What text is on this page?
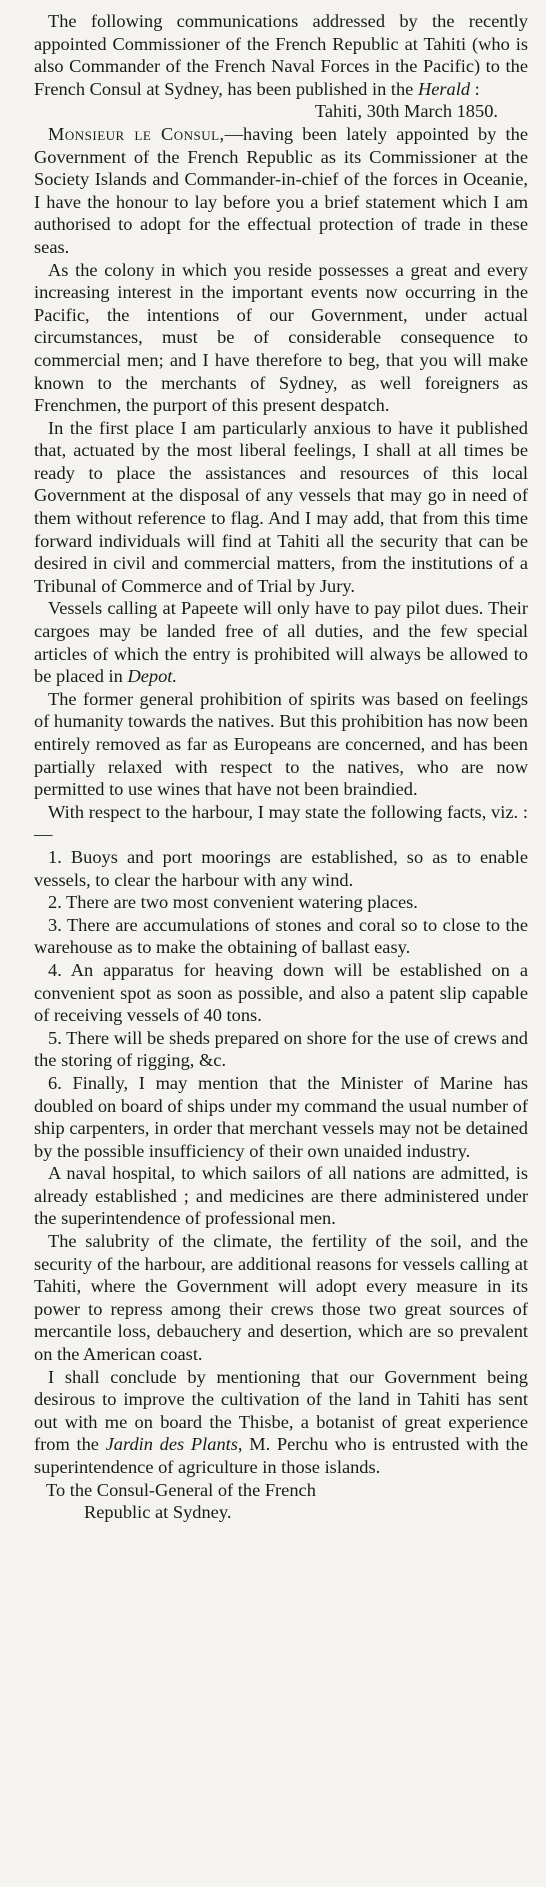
The following communications addressed by the recently appointed Commissioner of the French Republic at Tahiti (who is also Commander of the French Naval Forces in the Pacific) to the French Consul at Sydney, has been published in the Herald :

Tahiti, 30th March 1850.

Monsieur le Consul,—having been lately appointed by the Government of the French Republic as its Commissioner at the Society Islands and Commander-in-chief of the forces in Oceanie, I have the honour to lay before you a brief statement which I am authorised to adopt for the effectual protection of trade in these seas.

As the colony in which you reside possesses a great and every increasing interest in the important events now occurring in the Pacific, the intentions of our Government, under actual circumstances, must be of considerable consequence to commercial men; and I have therefore to beg, that you will make known to the merchants of Sydney, as well foreigners as Frenchmen, the purport of this present despatch.

In the first place I am particularly anxious to have it published that, actuated by the most liberal feelings, I shall at all times be ready to place the assistances and resources of this local Government at the disposal of any vessels that may go in need of them without reference to flag. And I may add, that from this time forward individuals will find at Tahiti all the security that can be desired in civil and commercial matters, from the institutions of a Tribunal of Commerce and of Trial by Jury.

Vessels calling at Papeete will only have to pay pilot dues. Their cargoes may be landed free of all duties, and the few special articles of which the entry is prohibited will always be allowed to be placed in Depot.

The former general prohibition of spirits was based on feelings of humanity towards the natives. But this prohibition has now been entirely removed as far as Europeans are concerned, and has been partially relaxed with respect to the natives, who are now permitted to use wines that have not been braindied.

With respect to the harbour, I may state the following facts, viz. :—

1. Buoys and port moorings are established, so as to enable vessels, to clear the harbour with any wind.

2. There are two most convenient watering places.

3. There are accumulations of stones and coral so to close to the warehouse as to make the obtaining of ballast easy.

4. An apparatus for heaving down will be established on a convenient spot as soon as possible, and also a patent slip capable of receiving vessels of 40 tons.

5. There will be sheds prepared on shore for the use of crews and the storing of rigging, &c.

6. Finally, I may mention that the Minister of Marine has doubled on board of ships under my command the usual number of ship carpenters, in order that merchant vessels may not be detained by the possible insufficiency of their own unaided industry.

A naval hospital, to which sailors of all nations are admitted, is already established ; and medicines are there administered under the superintendence of professional men.

The salubrity of the climate, the fertility of the soil, and the security of the harbour, are additional reasons for vessels calling at Tahiti, where the Government will adopt every measure in its power to repress among their crews those two great sources of mercantile loss, debauchery and desertion, which are so prevalent on the American coast.

I shall conclude by mentioning that our Government being desirous to improve the cultivation of the land in Tahiti has sent out with me on board the Thisbe, a botanist of great experience from the Jardin des Plants, M. Perchu who is entrusted with the superintendence of agriculture in those islands.

To the Consul-General of the French

Republic at Sydney.
